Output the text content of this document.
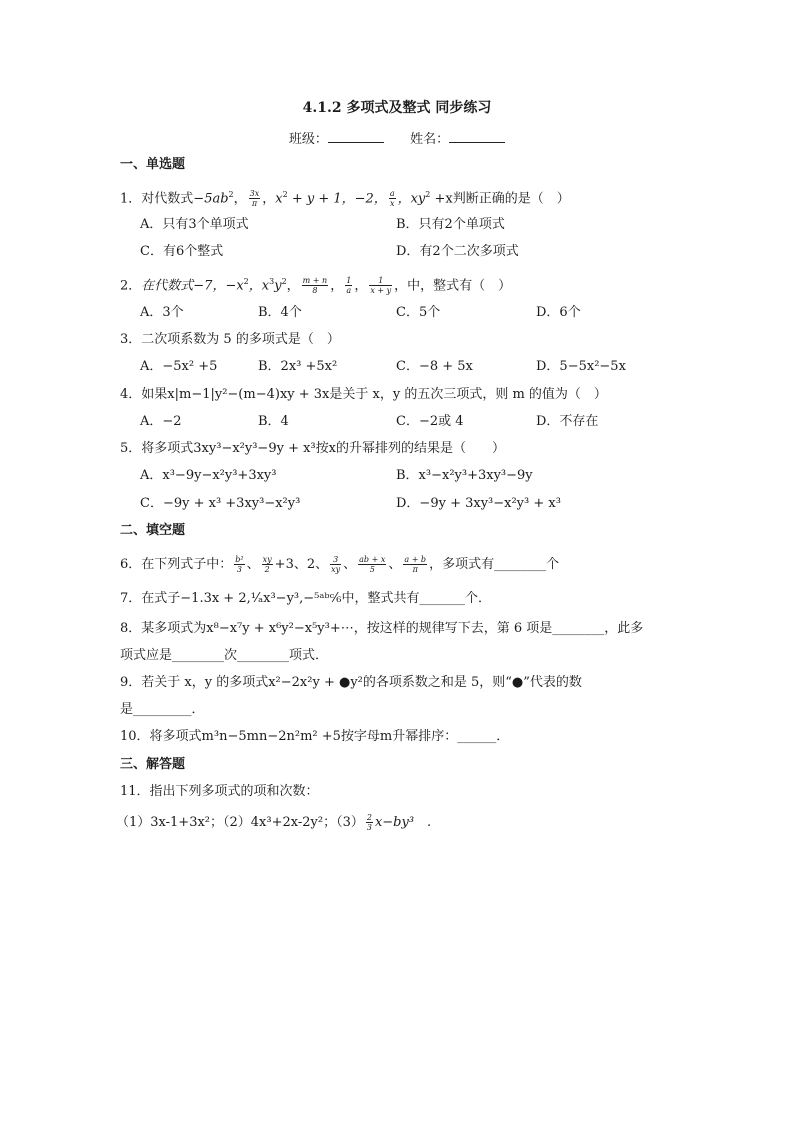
4.1.2 多项式及整式 同步练习
班级：	姓名：
一、单选题
1．对代数式$-5ab^2$， $\frac{3x}{\pi}$ ，$x^2 + y + 1$，−2， $\frac{a}{x}$ ，$xy^2 +x$判断正确的是（　）
A．只有3个单项式	B．只有2个单项式
C．有6个整式	D．有2个二次多项式
2．在代数式−7，$-x^2$，$x^3y^2$， $\frac{m + n}{8}$ ， $\frac{1}{a}$ ， $\frac{1}{x + y}$ ，中，整式有（　）
A．3个	B．4个	C．5个	D．6个
3．二次项系数为 5 的多项式是（　）
A．−5x² +5	B．2x³ +5x²	C．−8 + 5x	D．5−5x²−5x
4．如果x|m−1|y²−(m−4)xy + 3x是关于 x，y 的五次三项式，则 m 的值为（　）
A．−2	B．4	C．−2或 4	D．不存在
5．将多项式3xy³−x²y³−9y + x³按x的升幂排列的结果是（　　）
A．x³−9y−x²y³+3xy³	B．x³−x²y³+3xy³−9y
C．−9y + x³ +3xy³−x²y³	D．−9y + 3xy³−x²y³ + x³
二、填空题
6．在下列式子中： $\frac{\text{b²}}{3}$ 、 $\frac{xy}{2} +3$、2、 $\frac{3}{xy}$ 、 $\frac{ab + x}{5}$ 、 $\frac{a + b}{\pi}$ ，多项式有________个
7．在式子−1.3x + 2,¹⁄ₐx³−y³,−⁵ᵃᵇᶜ⁄₆中，整式共有_______个．
8．某多项式为x⁸−x⁷y + x⁶y²−x⁵y³+⋯，按这样的规律写下去，第 6 项是________，此多
项式应是________次________项式．
9．若关于 x，y 的多项式x²−2x²y + ●y²的各项系数之和是 5，则“●”代表的数
是_________．
10．将多项式m³n−5mn−2n²m² +5按字母m升幂排序：______．
三、解答题
11．指出下列多项式的项和次数：
（1）3x-1+3x²；（2）4x³+2x-2y²；$(3) \frac{2}{3} x-by^3$　.
